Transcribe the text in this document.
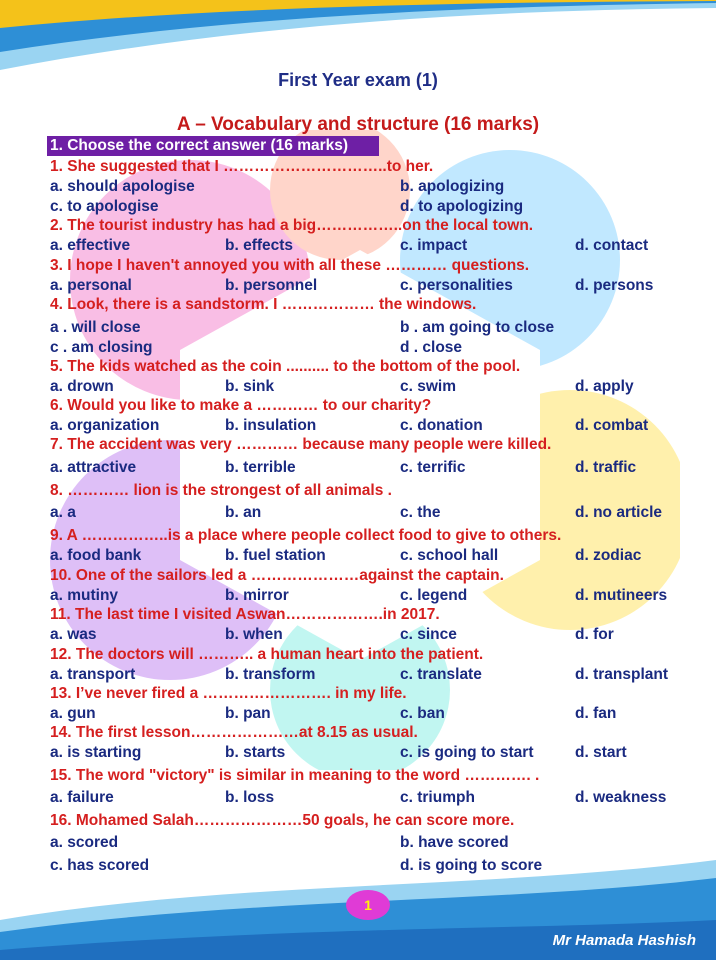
First Year exam (1)
A – Vocabulary and structure (16 marks)
1. Choose the correct answer (16 marks)
1. She suggested that I …………………………..to her.
a. should apologise	b. apologizing
c. to apologise	d. to apologizing
2. The tourist industry has had a big……………..on the local town.
a. effective	b. effects	c. impact	d. contact
3. I hope I haven't annoyed you with all these ………… questions.
a. personal	b. personnel	c. personalities	d. persons
4. Look, there is a sandstorm. I ……………… the windows.
a . will close	b . am going to close
c . am closing	d . close
5. The kids watched as the coin .......... to the bottom of the pool.
a. drown	b. sink	c. swim	d. apply
6. Would you like to make a ………… to our charity?
a. organization	b. insulation	c. donation	d. combat
7. The accident was very ………… because many people were killed.
a. attractive	b. terrible	c. terrific	d. traffic
8. ………… lion is the strongest of all animals .
a. a	b. an	c. the	d. no article
9. A ……………..is a place where people collect food to give to others.
a. food bank	b. fuel station	c. school hall	d. zodiac
10. One of the sailors led a …………………against the captain.
a. mutiny	b. mirror	c. legend	d. mutineers
11. The last time I visited Aswan……………….in 2017.
a. was	b. when	c. since	d. for
12. The doctors will ……….. a human heart into the patient.
a. transport	b. transform	c. translate	d. transplant
13. I’ve never fired a ……………………. in my life.
a. gun	b. pan	c. ban	d. fan
14. The first lesson…………………at 8.15 as usual.
a. is starting	b. starts	c. is going to start	d. start
15. The word "victory" is similar in meaning to the word …………. .
a. failure	b. loss	c. triumph	d. weakness
16. Mohamed Salah…………………50 goals, he can score more.
a. scored	b. have scored
c. has scored	d. is going to score
1
Mr Hamada Hashish
